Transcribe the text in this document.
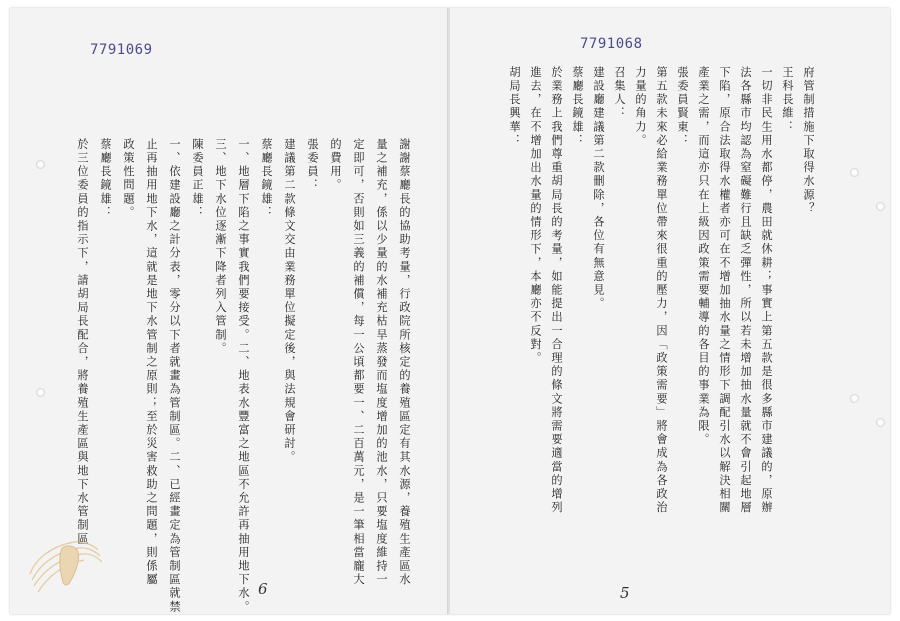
7791069
謝謝蔡廳長的協助考量，行政院所核定的養殖區定有其水源，養殖生產區水
量之補充，係以少量的水補充枯旱蒸發而塩度增加的池水，只要塩度維持一
定即可，否則如三義的補償，每一公頃都要一、二百萬元，是一筆相當龐大
的費用。
張委員：
建議第二款條文交由業務單位擬定後，與法規會研討。
蔡廳長鏡雄：
一、地層下陷之事實我們要接受。二、地表水豐富之地區不允許再抽用地下水。
三、地下水位逐漸下降者列入管制。
陳委員正雄：
一、依建設廳之計分表，零分以下者就畫為管制區。二、已經畫定為管制區就禁
止再抽用地下水，這就是地下水管制之原則；至於災害救助之問題，則係屬
政策性問題。
蔡廳長鏡雄：
於三位委員的指示下，請胡局長配合，將養殖生產區與地下水管制區
6
7791068
府管制措施下取得水源？
王科長維：
一切非民生用水都停，農田就休耕；事實上第五款是很多縣市建議的，原辦
法各縣市均認為窒礙難行且缺乏彈性，所以若未增加抽水量就不會引起地層
下陷，原合法取得水權者亦可在不增加抽水量之情形下調配引水以解決相關
產業之需，而這亦只在上級因政策需要輔導的各目的事業為限。
張委員賢東：
第五款未來必給業務單位帶來很重的壓力，因「政策需要」將會成為各政治
力量的角力。
召集人：
建設廳建議第二款刪除，各位有無意見。
蔡廳長鏡雄：
於業務上我們尊重胡局長的考量，如能提出一合理的條文將需要適當的增列
進去，在不增加出水量的情形下，本廳亦不反對。
胡局長興華：
5
